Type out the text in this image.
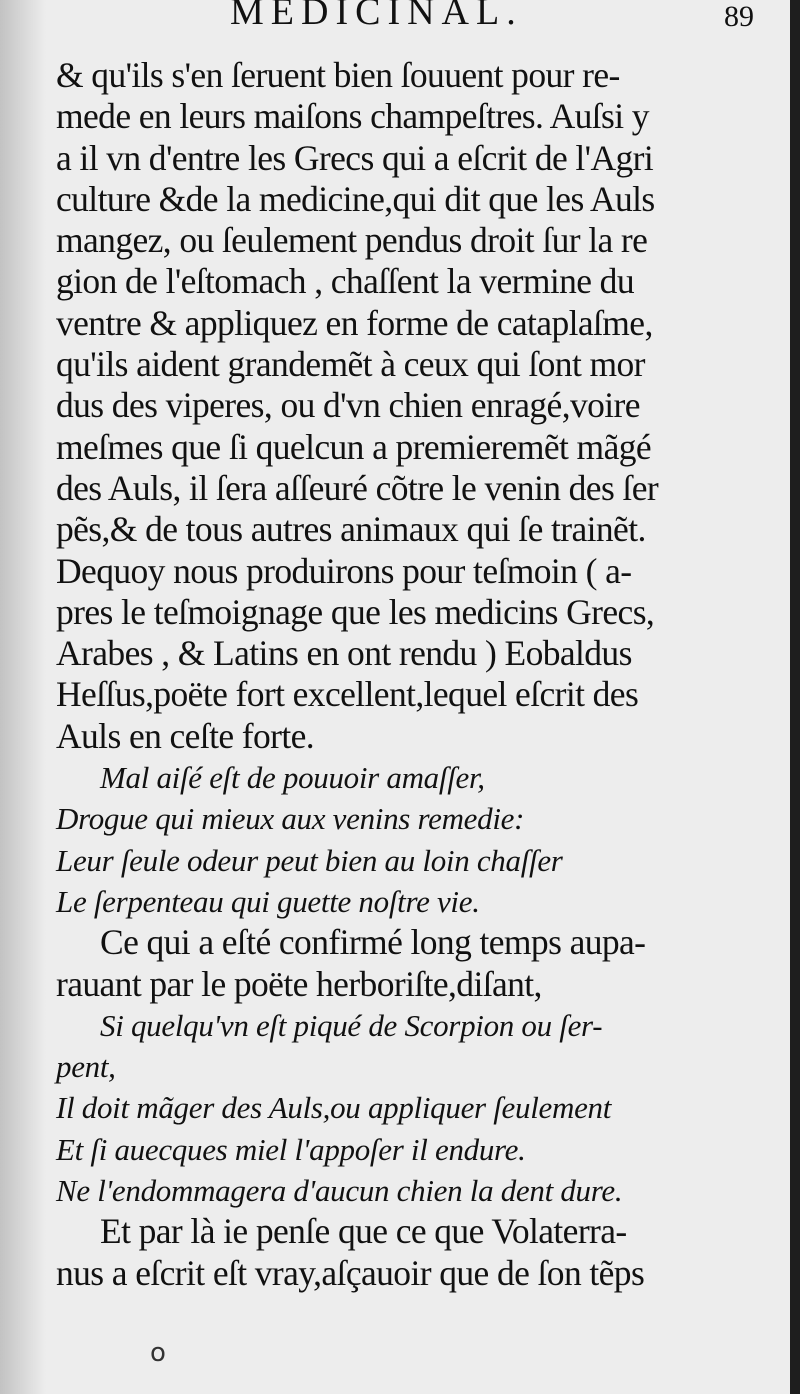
MEDICINAL.	89
& qu'ils s'en ſeruent bien ſouuent pour re-
mede en leurs maiſons champeſtres. Auſsi y
a il vn d'entre les Grecs qui a eſcrit de l'Agri
culture &de la medicine,qui dit que les Auls
mangez, ou ſeulement pendus droit ſur la re
gion de l'eſtomach , chaſſent la vermine du
ventre & appliquez en forme de cataplaſme,
qu'ils aident grandemẽt à ceux qui ſont mor
dus des viperes, ou d'vn chien enragé,voire
meſmes que ſi quelcun a premieremẽt mãgé
des Auls, il ſera aſſeuré cõtre le venin des ſer
pẽs,& de tous autres animaux qui ſe trainẽt.
Dequoy nous produirons pour teſmoin ( a-
pres le teſmoignage que les medicins Grecs,
Arabes , & Latins en ont rendu ) Eobaldus
Heſſus,poëte fort excellent,lequel eſcrit des
Auls en ceſte forte.
Mal aiſé eſt de pouuoir amaſſer,
Drogue qui mieux aux venins remedie:
Leur ſeule odeur peut bien au loin chaſſer
Le ſerpenteau qui guette noſtre vie.
Ce qui a eſté confirmé long temps aupa-
rauant par le poëte herboriſte,diſant,
Si quelqu'vn eſt piqué de Scorpion ou ſer-
pent,
Il doit mãger des Auls,ou appliquer ſeulement
Et ſi auecques miel l'appoſer il endure.
Ne l'endommagera d'aucun chien la dent dure.
Et par là ie penſe que ce que Volaterra-
nus a eſcrit eſt vray,aſçauoir que de ſon tẽps
o
